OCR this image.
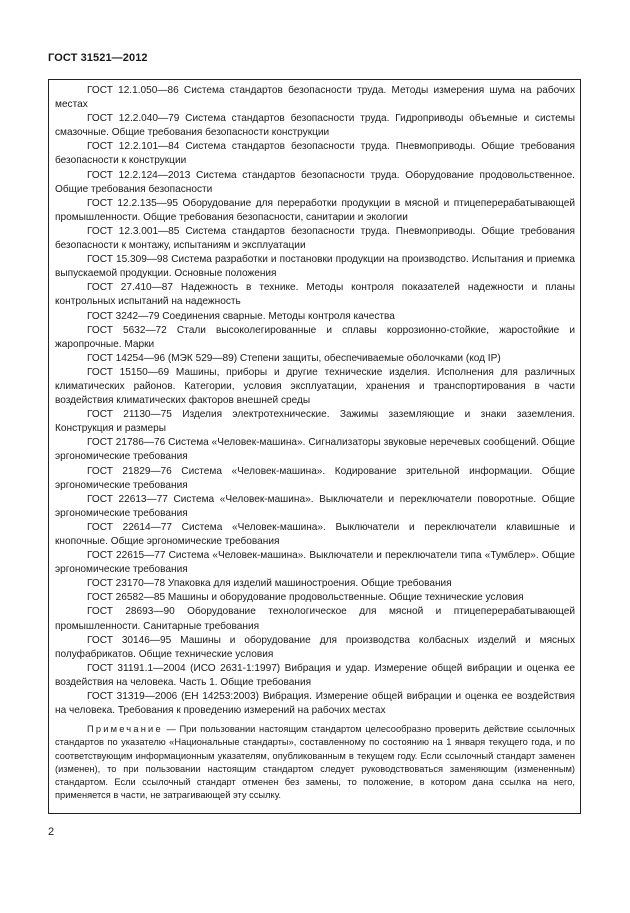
ГОСТ 31521—2012

ГОСТ 12.1.050—86 Система стандартов безопасности труда. Методы измерения шума на рабочих местах

ГОСТ 12.2.040—79 Система стандартов безопасности труда. Гидроприводы объемные и системы смазочные. Общие требования безопасности конструкции

ГОСТ 12.2.101—84 Система стандартов безопасности труда. Пневмоприводы. Общие требования безопасности к конструкции

ГОСТ 12.2.124—2013 Система стандартов безопасности труда. Оборудование продовольственное. Общие требования безопасности

ГОСТ 12.2.135—95 Оборудование для переработки продукции в мясной и птицеперерабатывающей промышленности. Общие требования безопасности, санитарии и экологии

ГОСТ 12.3.001—85 Система стандартов безопасности труда. Пневмоприводы. Общие требования безопасности к монтажу, испытаниям и эксплуатации

ГОСТ 15.309—98 Система разработки и постановки продукции на производство. Испытания и приемка выпускаемой продукции. Основные положения

ГОСТ 27.410—87 Надежность в технике. Методы контроля показателей надежности и планы контрольных испытаний на надежность

ГОСТ 3242—79 Соединения сварные. Методы контроля качества

ГОСТ 5632—72 Стали высоколегированные и сплавы коррозионно-стойкие, жаростойкие и жаропрочные. Марки

ГОСТ 14254—96 (МЭК 529—89) Степени защиты, обеспечиваемые оболочками (код IP)

ГОСТ 15150—69 Машины, приборы и другие технические изделия. Исполнения для различных климатических районов. Категории, условия эксплуатации, хранения и транспортирования в части воздействия климатических факторов внешней среды

ГОСТ 21130—75 Изделия электротехнические. Зажимы заземляющие и знаки заземления. Конструкция и размеры

ГОСТ 21786—76 Система «Человек-машина». Сигнализаторы звуковые неречевых сообщений. Общие эргономические требования

ГОСТ 21829—76 Система «Человек-машина». Кодирование зрительной информации. Общие эргономические требования

ГОСТ 22613—77 Система «Человек-машина». Выключатели и переключатели поворотные. Общие эргономические требования

ГОСТ 22614—77 Система «Человек-машина». Выключатели и переключатели клавишные и кнопочные. Общие эргономические требования

ГОСТ 22615—77 Система «Человек-машина». Выключатели и переключатели типа «Тумблер». Общие эргономические требования

ГОСТ 23170—78 Упаковка для изделий машиностроения. Общие требования

ГОСТ 26582—85 Машины и оборудование продовольственные. Общие технические условия

ГОСТ 28693—90 Оборудование технологическое для мясной и птицеперерабатывающей промышленности. Санитарные требования

ГОСТ 30146—95 Машины и оборудование для производства колбасных изделий и мясных полуфабрикатов. Общие технические условия

ГОСТ 31191.1—2004 (ИСО 2631-1:1997) Вибрация и удар. Измерение общей вибрации и оценка ее воздействия на человека. Часть 1. Общие требования

ГОСТ 31319—2006 (ЕН 14253:2003) Вибрация. Измерение общей вибрации и оценка ее воздействия на человека. Требования к проведению измерений на рабочих местах

Примечание — При пользовании настоящим стандартом целесообразно проверить действие ссылочных стандартов по указателю «Национальные стандарты», составленному по состоянию на 1 января текущего года, и по соответствующим информационным указателям, опубликованным в текущем году. Если ссылочный стандарт заменен (изменен), то при пользовании настоящим стандартом следует руководствоваться заменяющим (измененным) стандартом. Если ссылочный стандарт отменен без замены, то положение, в котором дана ссылка на него, применяется в части, не затрагивающей эту ссылку.

2
